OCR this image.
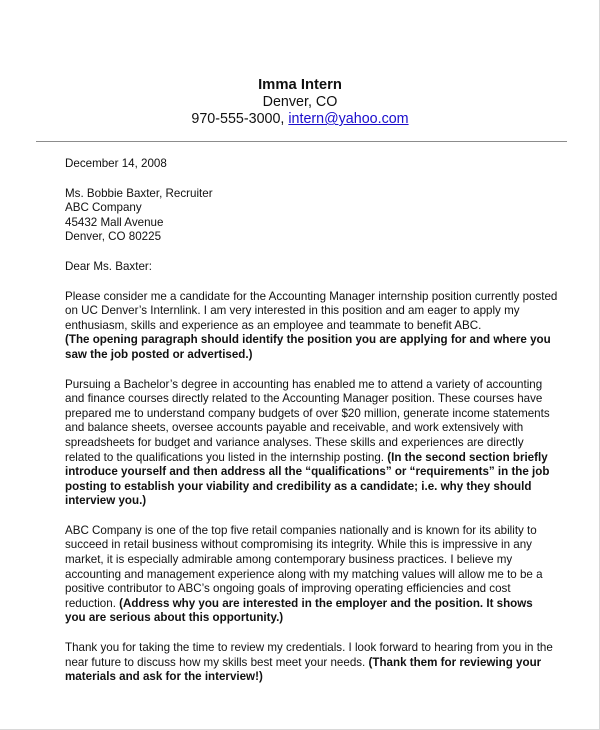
Imma Intern
Denver, CO
970-555-3000, intern@yahoo.com

December 14, 2008

Ms. Bobbie Baxter, Recruiter
ABC Company
45432 Mall Avenue
Denver, CO 80225

Dear Ms. Baxter:

Please consider me a candidate for the Accounting Manager internship position currently posted
on UC Denver’s Internlink. I am very interested in this position and am eager to apply my
enthusiasm, skills and experience as an employee and teammate to benefit ABC.
(The opening paragraph should identify the position you are applying for and where you
saw the job posted or advertised.)

Pursuing a Bachelor’s degree in accounting has enabled me to attend a variety of accounting
and finance courses directly related to the Accounting Manager position. These courses have
prepared me to understand company budgets of over $20 million, generate income statements
and balance sheets, oversee accounts payable and receivable, and work extensively with
spreadsheets for budget and variance analyses. These skills and experiences are directly
related to the qualifications you listed in the internship posting. (In the second section briefly
introduce yourself and then address all the “qualifications” or “requirements” in the job
posting to establish your viability and credibility as a candidate; i.e. why they should
interview you.)

ABC Company is one of the top five retail companies nationally and is known for its ability to
succeed in retail business without compromising its integrity. While this is impressive in any
market, it is especially admirable among contemporary business practices. I believe my
accounting and management experience along with my matching values will allow me to be a
positive contributor to ABC’s ongoing goals of improving operating efficiencies and cost
reduction. (Address why you are interested in the employer and the position. It shows
you are serious about this opportunity.)

Thank you for taking the time to review my credentials. I look forward to hearing from you in the
near future to discuss how my skills best meet your needs. (Thank them for reviewing your
materials and ask for the interview!)
